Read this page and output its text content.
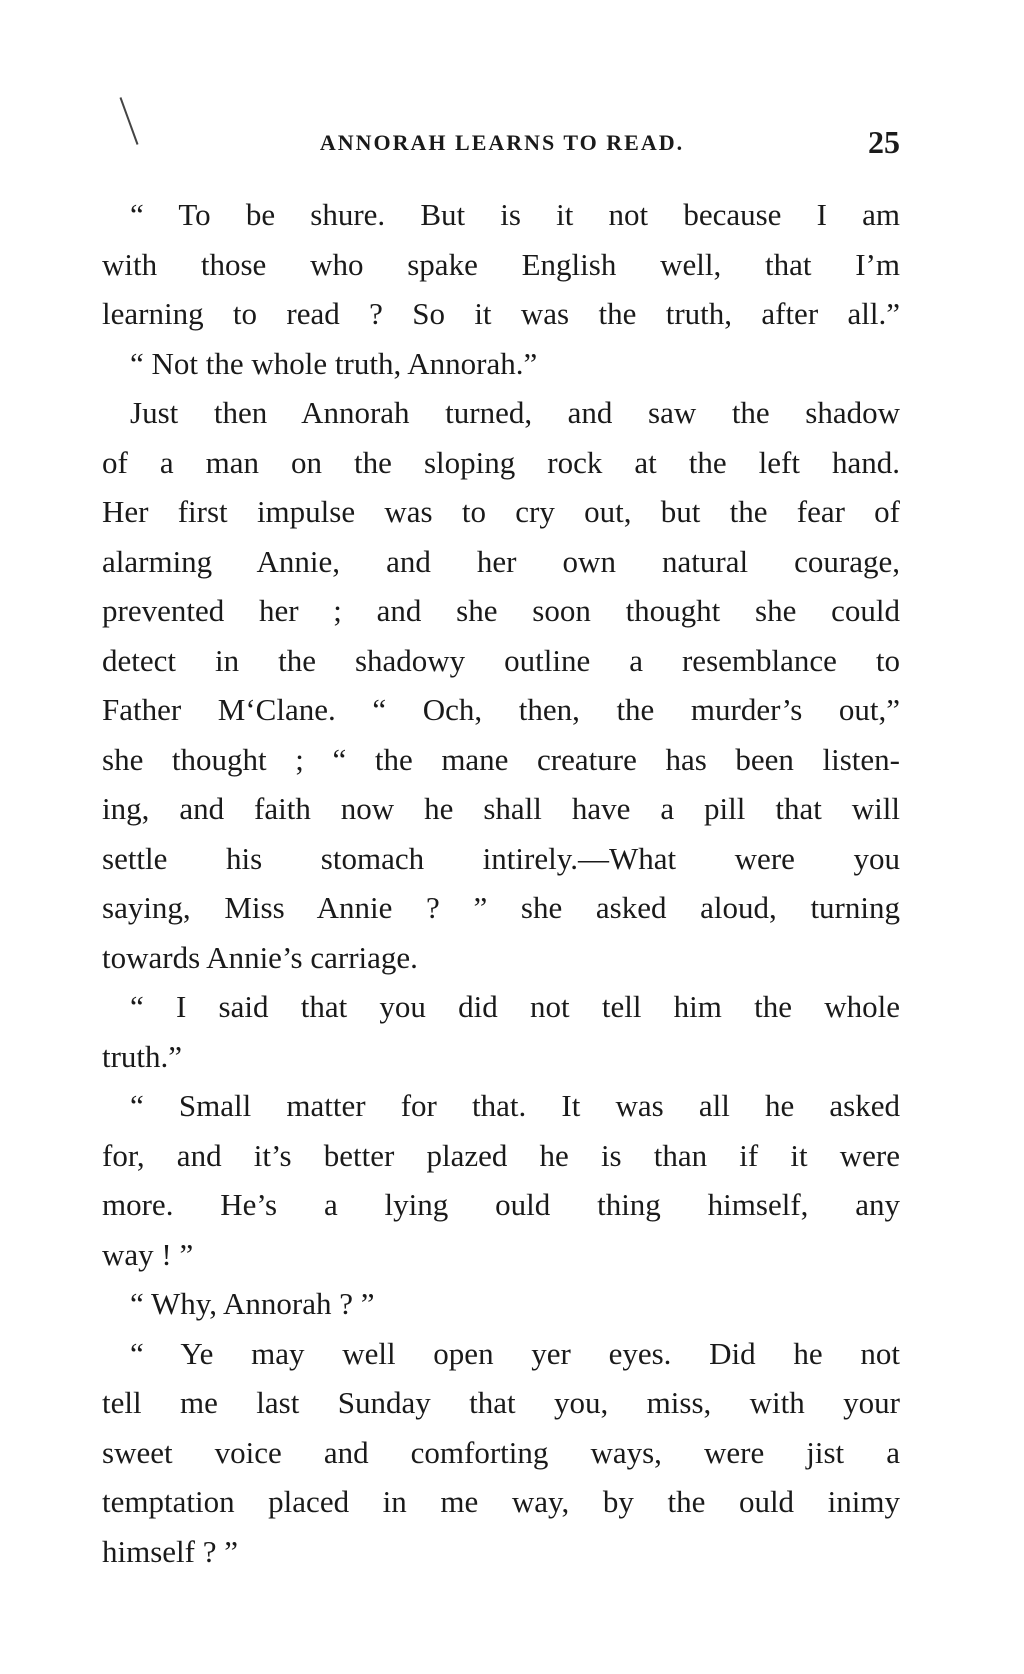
ANNORAH LEARNS TO READ.	25
“ To be shure. But is it not because I am
with those who spake English well, that I’m
learning to read ? So it was the truth, after all.”
“ Not the whole truth, Annorah.”
Just then Annorah turned, and saw the shadow
of a man on the sloping rock at the left hand.
Her first impulse was to cry out, but the fear of
alarming Annie, and her own natural courage,
prevented her ; and she soon thought she could
detect in the shadowy outline a resemblance to
Father M‘Clane. “ Och, then, the murder’s out,”
she thought ; “ the mane creature has been listen-
ing, and faith now he shall have a pill that will
settle his stomach intirely.—What were you
saying, Miss Annie ? ” she asked aloud, turning
towards Annie’s carriage.
“ I said that you did not tell him the whole
truth.”
“ Small matter for that. It was all he asked
for, and it’s better plazed he is than if it were
more. He’s a lying ould thing himself, any
way ! ”
“ Why, Annorah ? ”
“ Ye may well open yer eyes. Did he not
tell me last Sunday that you, miss, with your
sweet voice and comforting ways, were jist a
temptation placed in me way, by the ould inimy
himself ? ”
